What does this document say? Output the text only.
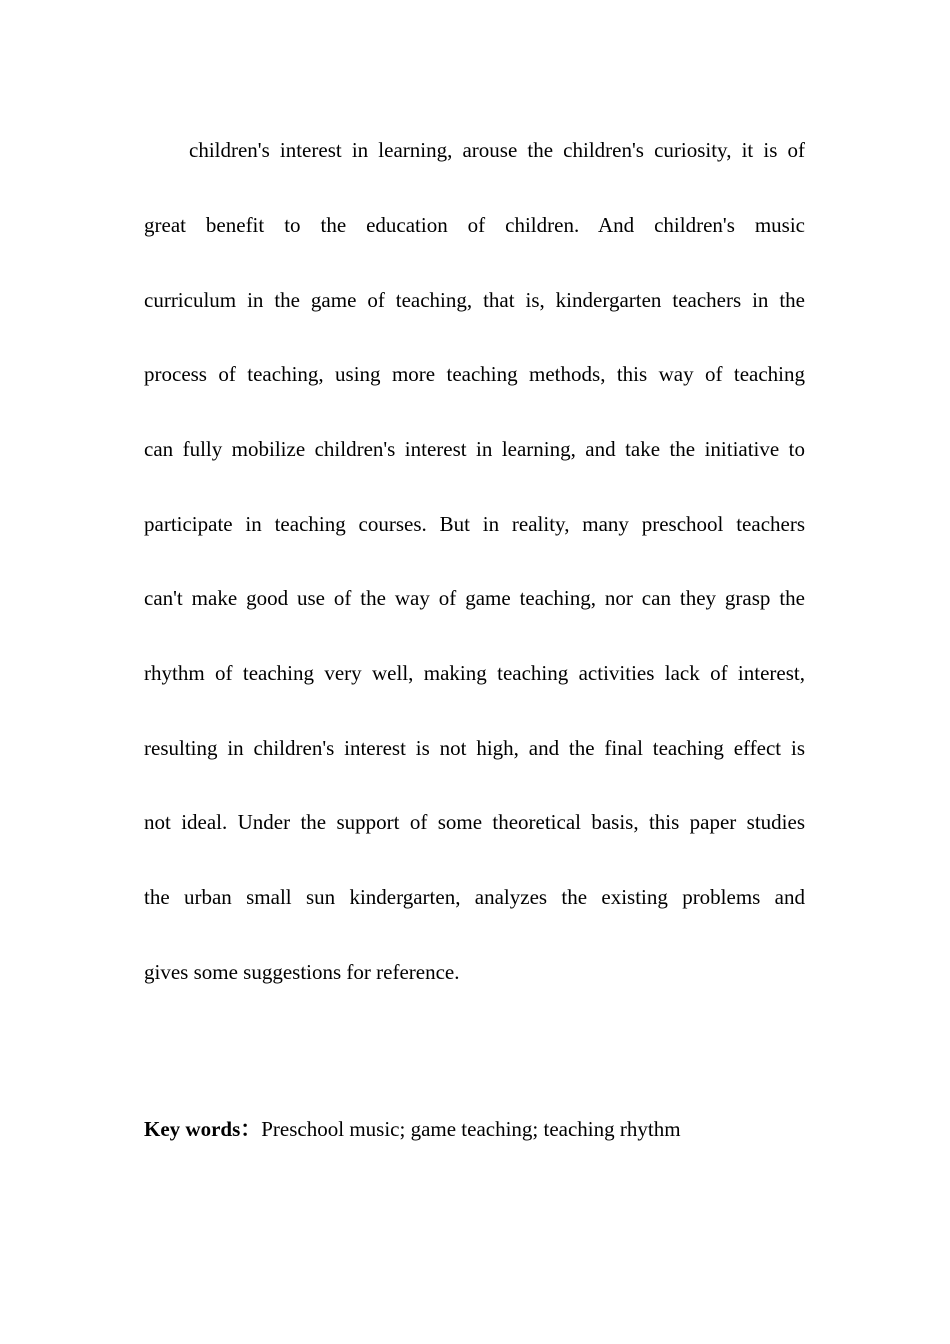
children's interest in learning, arouse the children's curiosity, it is of
great benefit to the education of children. And children's music
curriculum in the game of teaching, that is, kindergarten teachers in the
process of teaching, using more teaching methods, this way of teaching
can fully mobilize children's interest in learning, and take the initiative to
participate in teaching courses. But in reality, many preschool teachers
can't make good use of the way of game teaching, nor can they grasp the
rhythm of teaching very well, making teaching activities lack of interest,
resulting in children's interest is not high, and the final teaching effect is
not ideal. Under the support of some theoretical basis, this paper studies
the urban small sun kindergarten, analyzes the existing problems and
gives some suggestions for reference.
Key words：Preschool music; game teaching; teaching rhythm
